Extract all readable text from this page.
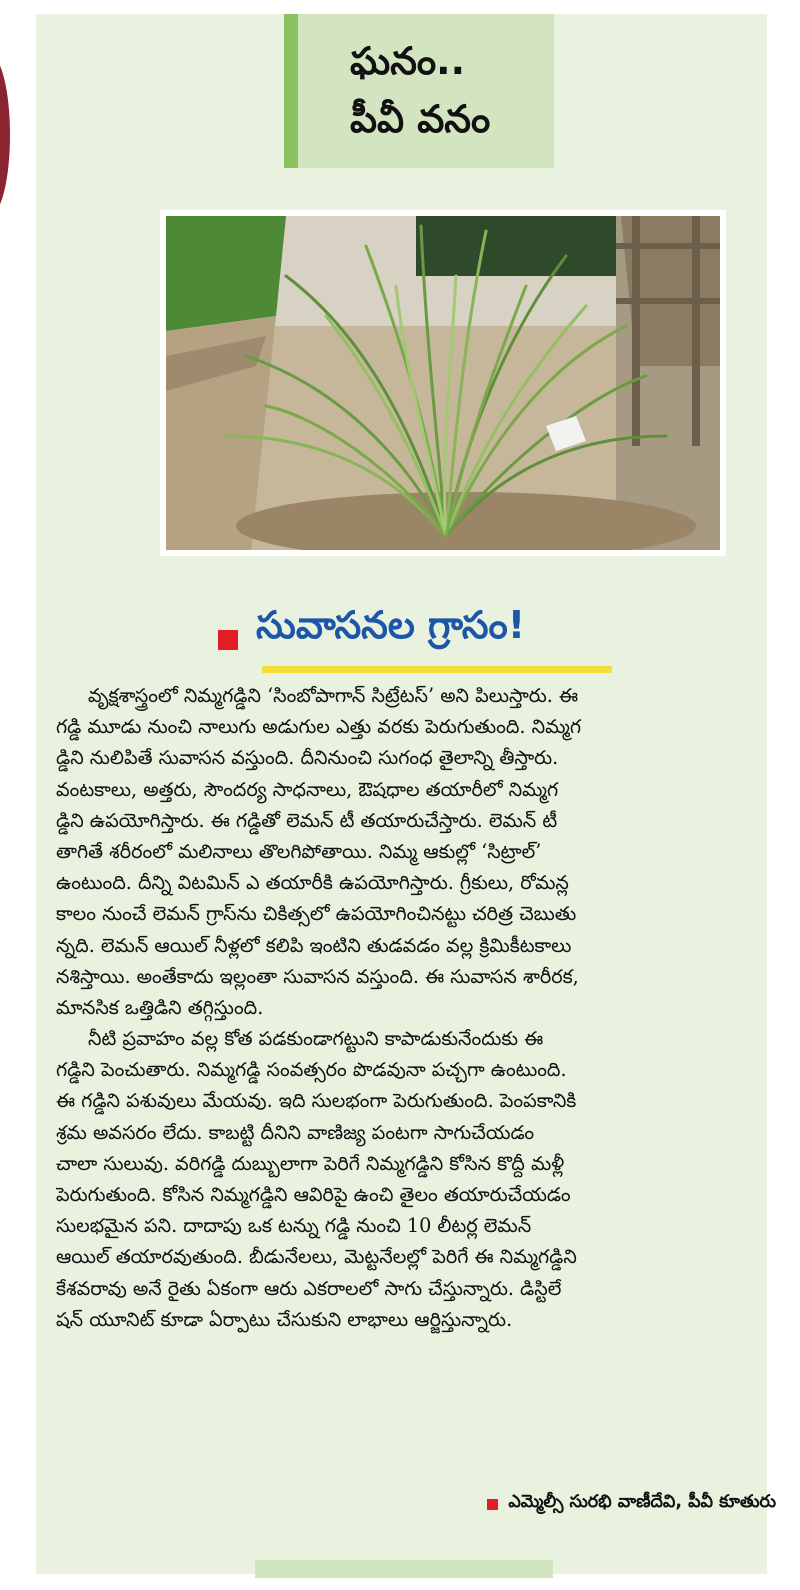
ఘనం..
పీవీ వనం
సువాసనల గ్రాసం!
వృక్షశాస్త్రంలో నిమ్మగడ్డిని ‘సింబోపాగాన్ సిట్రేటస్’ అని పిలుస్తారు. ఈ
గడ్డి మూడు నుంచి నాలుగు అడుగుల ఎత్తు వరకు పెరుగుతుంది. నిమ్మగ
డ్డిని నులిపితే సువాసన వస్తుంది. దీనినుంచి సుగంధ తైలాన్ని తీస్తారు.
వంటకాలు, అత్తరు, సౌందర్య సాధనాలు, ఔషధాల తయారీలో నిమ్మగ
డ్డిని ఉపయోగిస్తారు. ఈ గడ్డితో లెమన్ టీ తయారుచేస్తారు. లెమన్ టీ
తాగితే శరీరంలో మలినాలు తొలగిపోతాయి. నిమ్మ ఆకుల్లో ‘సిట్రాల్’
ఉంటుంది. దీన్ని విటమిన్ ఎ తయారీకి ఉపయోగిస్తారు. గ్రీకులు, రోమన్ల
కాలం నుంచే లెమన్ గ్రాస్‌ను చికిత్సలో ఉపయోగించినట్టు చరిత్ర చెబుతు
న్నది. లెమన్ ఆయిల్ నీళ్లలో కలిపి ఇంటిని తుడవడం వల్ల క్రిమికీటకాలు
నశిస్తాయి. అంతేకాదు ఇల్లంతా సువాసన వస్తుంది. ఈ సువాసన శారీరక,
మానసిక ఒత్తిడిని తగ్గిస్తుంది.
నీటి ప్రవాహం వల్ల కోత పడకుండాగట్టుని కాపాడుకునేందుకు ఈ
గడ్డిని పెంచుతారు. నిమ్మగడ్డి సంవత్సరం పొడవునా పచ్చగా ఉంటుంది.
ఈ గడ్డిని పశువులు మేయవు. ఇది సులభంగా పెరుగుతుంది. పెంపకానికి
శ్రమ అవసరం లేదు. కాబట్టి దీనిని వాణిజ్య పంటగా సాగుచేయడం
చాలా సులువు. వరిగడ్డి దుబ్బులాగా పెరిగే నిమ్మగడ్డిని కోసిన కొద్దీ మళ్లీ
పెరుగుతుంది. కోసిన నిమ్మగడ్డిని ఆవిరిపై ఉంచి తైలం తయారుచేయడం
సులభమైన పని. దాదాపు ఒక టన్ను గడ్డి నుంచి 10 లీటర్ల లెమన్
ఆయిల్ తయారవుతుంది. బీడునేలలు, మెట్టనేలల్లో పెరిగే ఈ నిమ్మగడ్డిని
కేశవరావు అనే రైతు ఏకంగా ఆరు ఎకరాలలో సాగు చేస్తున్నారు. డిస్టిలే
షన్ యూనిట్ కూడా ఏర్పాటు చేసుకుని లాభాలు ఆర్జిస్తున్నారు.
ఎమ్మెల్సీ సురభి వాణీదేవి, పీవీ కూతురు
